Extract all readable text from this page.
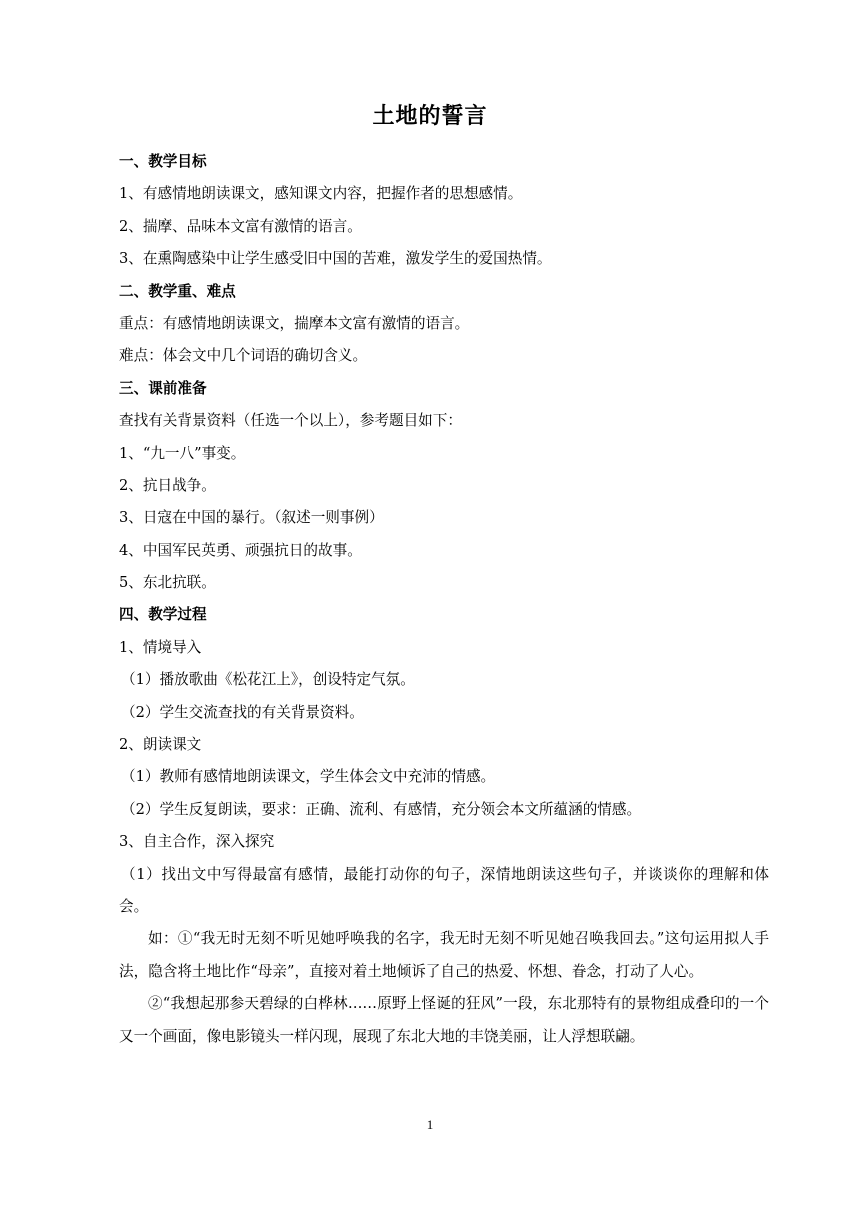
土地的誓言
一、教学目标
1、有感情地朗读课文，感知课文内容，把握作者的思想感情。
2、揣摩、品味本文富有激情的语言。
3、在熏陶感染中让学生感受旧中国的苦难，激发学生的爱国热情。
二、教学重、难点
重点：有感情地朗读课文，揣摩本文富有激情的语言。
难点：体会文中几个词语的确切含义。
三、课前准备
查找有关背景资料（任选一个以上），参考题目如下：
1、“九一八”事变。
2、抗日战争。
3、日寇在中国的暴行。（叙述一则事例）
4、中国军民英勇、顽强抗日的故事。
5、东北抗联。
四、教学过程
1、情境导入
（1）播放歌曲《松花江上》，创设特定气氛。
（2）学生交流查找的有关背景资料。
2、朗读课文
（1）教师有感情地朗读课文，学生体会文中充沛的情感。
（2）学生反复朗读，要求：正确、流利、有感情，充分领会本文所蕴涵的情感。
3、自主合作，深入探究

（1）找出文中写得最富有感情，最能打动你的句子，深情地朗读这些句子，并谈谈你的理解和体会。

如：①“我无时无刻不听见她呼唤我的名字，我无时无刻不听见她召唤我回去。”这句运用拟人手法，隐含将土地比作“母亲”，直接对着土地倾诉了自己的热爱、怀想、眷念，打动了人心。

②“我想起那参天碧绿的白桦林……原野上怪诞的狂风”一段，东北那特有的景物组成叠印的一个又一个画面，像电影镜头一样闪现，展现了东北大地的丰饶美丽，让人浮想联翩。

1
